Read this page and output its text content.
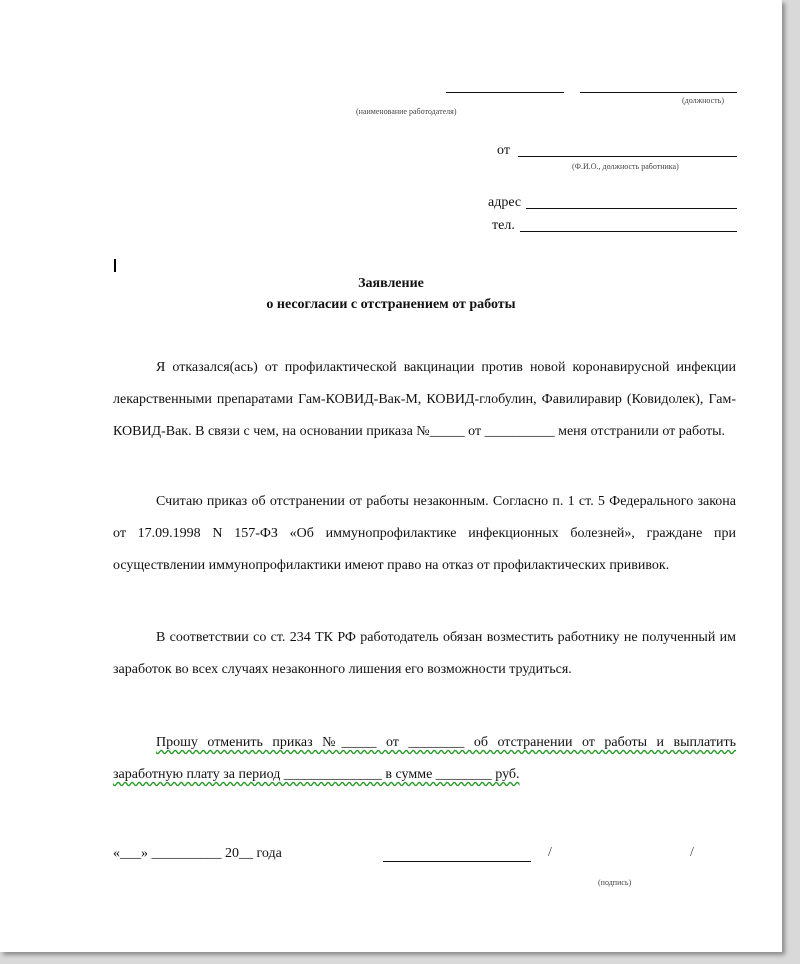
(наименование работодателя)
(должность)
от
(Ф.И.О., должность работника)
адрес
тел.
Заявление
о несогласии с отстранением от работы

Я отказался(ась) от профилактической вакцинации против новой коронавирусной инфекции лекарственными препаратами Гам-КОВИД-Вак-М, КОВИД-глобулин, Фавилиравир (Ковидолек), Гам-КОВИД-Вак. В связи с чем, на основании приказа №_____ от __________ меня отстранили от работы.

Считаю приказ об отстранении от работы незаконным. Согласно п. 1 ст. 5 Федерального закона от 17.09.1998 N 157-ФЗ «Об иммунопрофилактике инфекционных болезней», граждане при осуществлении иммунопрофилактики имеют право на отказ от профилактических прививок.

В соответствии со ст. 234 ТК РФ работодатель обязан возместить работнику не полученный им заработок во всех случаях незаконного лишения его возможности трудиться.

Прошу отменить приказ №_____ от ________ об отстранении от работы и выплатить заработную плату за период ______________ в сумме ________ руб.

«___» __________ 20__ года	/	/
(подпись)
